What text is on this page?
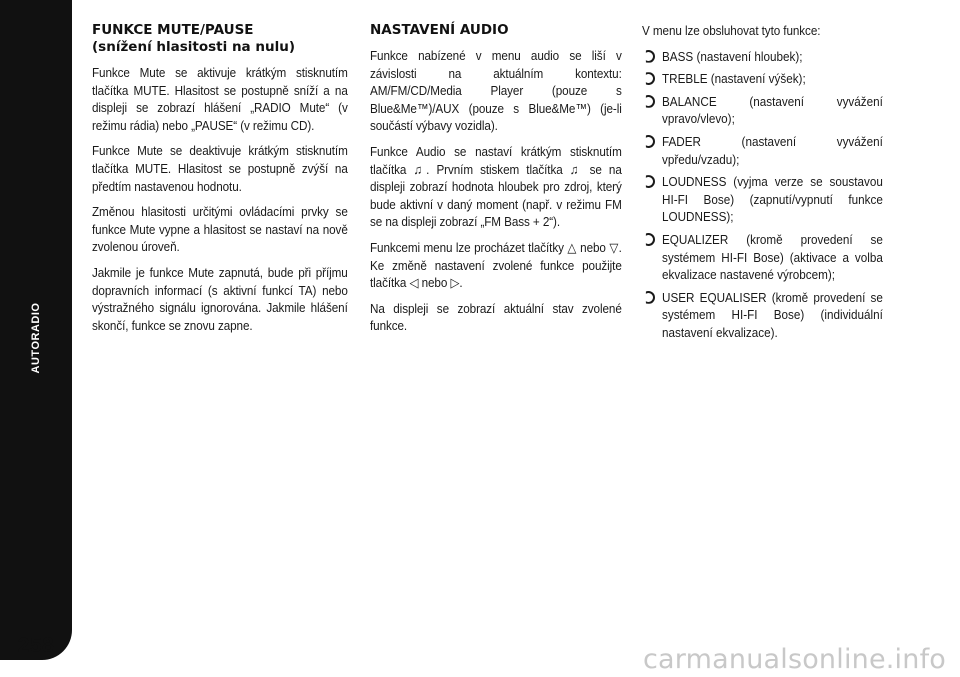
AUTORADIO
258
FUNKCE MUTE/PAUSE
(snížení hlasitosti na nulu)

Funkce Mute se aktivuje krátkým stisknutím tlačítka MUTE. Hlasitost se postupně sníží a na displeji se zobrazí hlášení „RADIO Mute“ (v režimu rádia) nebo „PAUSE“ (v režimu CD).

Funkce Mute se deaktivuje krátkým stisknutím tlačítka MUTE. Hlasitost se postupně zvýší na předtím nastavenou hodnotu.

Změnou hlasitosti určitými ovládacími prvky se funkce Mute vypne a hlasitost se nastaví na nově zvolenou úroveň.

Jakmile je funkce Mute zapnutá, bude při příjmu dopravních informací (s aktivní funkcí TA) nebo výstražného signálu ignorována. Jakmile hlášení skončí, funkce se znovu zapne.

NASTAVENÍ AUDIO

Funkce nabízené v menu audio se liší v závislosti na aktuálním kontextu: AM/FM/CD/Media Player (pouze s Blue&Me™)/AUX (pouze s Blue&Me™) (je-li součástí výbavy vozidla).

Funkce Audio se nastaví krátkým stisknutím tlačítka ♫. Prvním stiskem tlačítka ♫ se na displeji zobrazí hodnota hloubek pro zdroj, který bude aktivní v daný moment (např. v režimu FM se na displeji zobrazí „FM Bass + 2“).

Funkcemi menu lze procházet tlačítky △ nebo ▽. Ke změně nastavení zvolené funkce použijte tlačítka ◁ nebo ▷.

Na displeji se zobrazí aktuální stav zvolené funkce.

V menu lze obsluhovat tyto funkce:

BASS (nastavení hloubek);
TREBLE (nastavení výšek);
BALANCE (nastavení vyvážení vpravo/vlevo);
FADER (nastavení vyvážení vpředu/vzadu);
LOUDNESS (vyjma verze se soustavou HI-FI Bose) (zapnutí/vypnutí funkce LOUDNESS);
EQUALIZER (kromě provedení se systémem HI-FI Bose) (aktivace a volba ekvalizace nastavené výrobcem);
USER EQUALISER (kromě provedení se systémem HI-FI Bose) (individuální nastavení ekvalizace).
carmanualsonline.info
